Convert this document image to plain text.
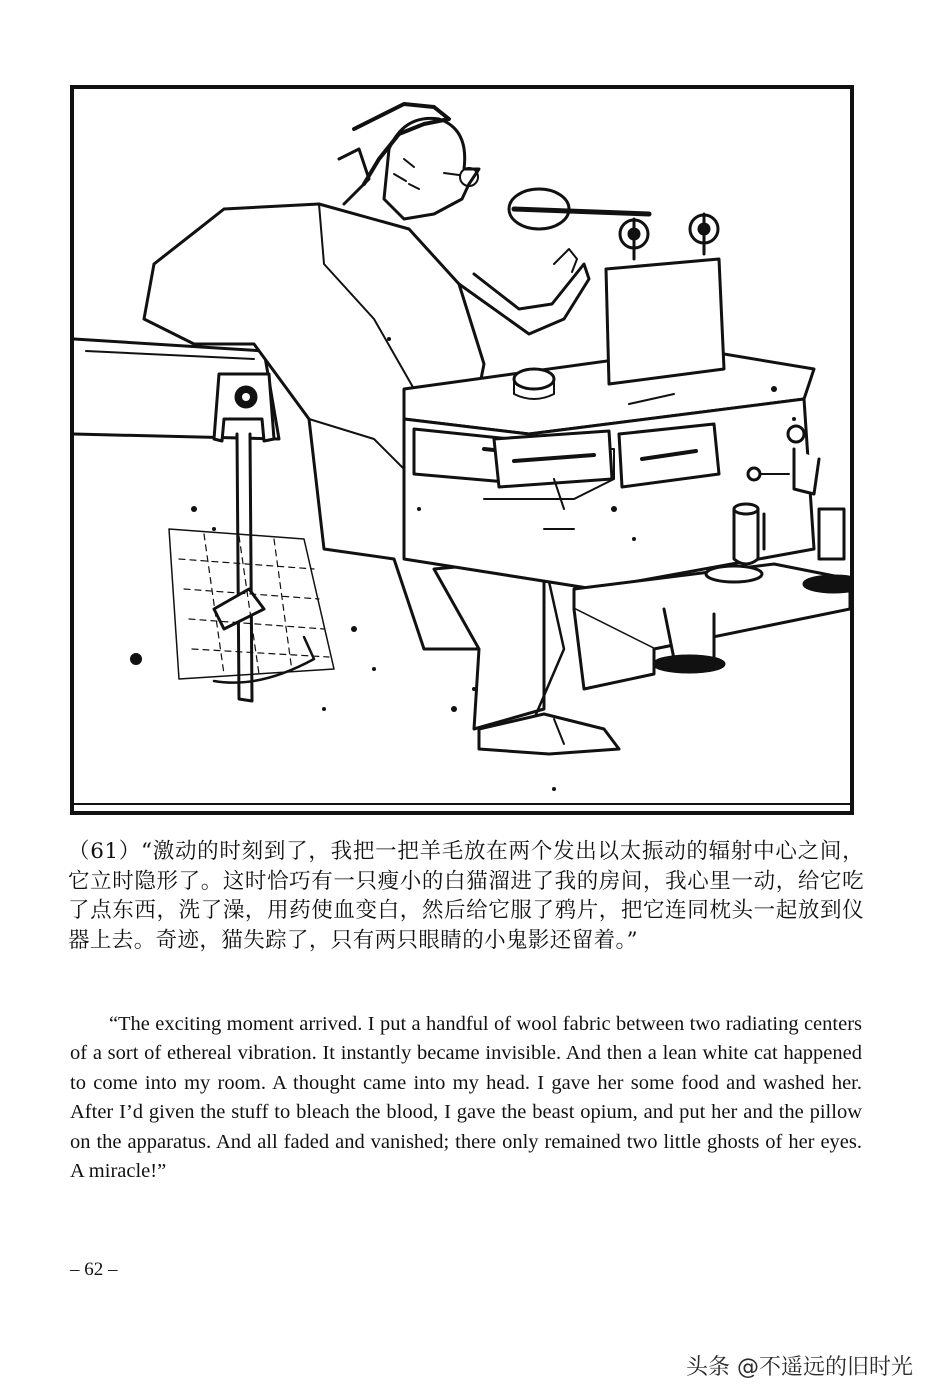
（61）“激动的时刻到了，我把一把羊毛放在两个发出以太振动的辐射中心之间，它立时隐形了。这时恰巧有一只瘦小的白猫溜进了我的房间，我心里一动，给它吃了点东西，洗了澡，用药使血变白，然后给它服了鸦片，把它连同枕头一起放到仪器上去。奇迹，猫失踪了，只有两只眼睛的小鬼影还留着。”

“The exciting moment arrived. I put a handful of wool fabric between two radiating centers of a sort of ethereal vibration. It instantly became invisible. And then a lean white cat happened to come into my room. A thought came into my head. I gave her some food and washed her. After I’d given the stuff to bleach the blood, I gave the beast opium, and put her and the pillow on the apparatus. And all faded and vanished; there only remained two little ghosts of her eyes. A miracle!”

– 62 –

头条 @不遥远的旧时光
